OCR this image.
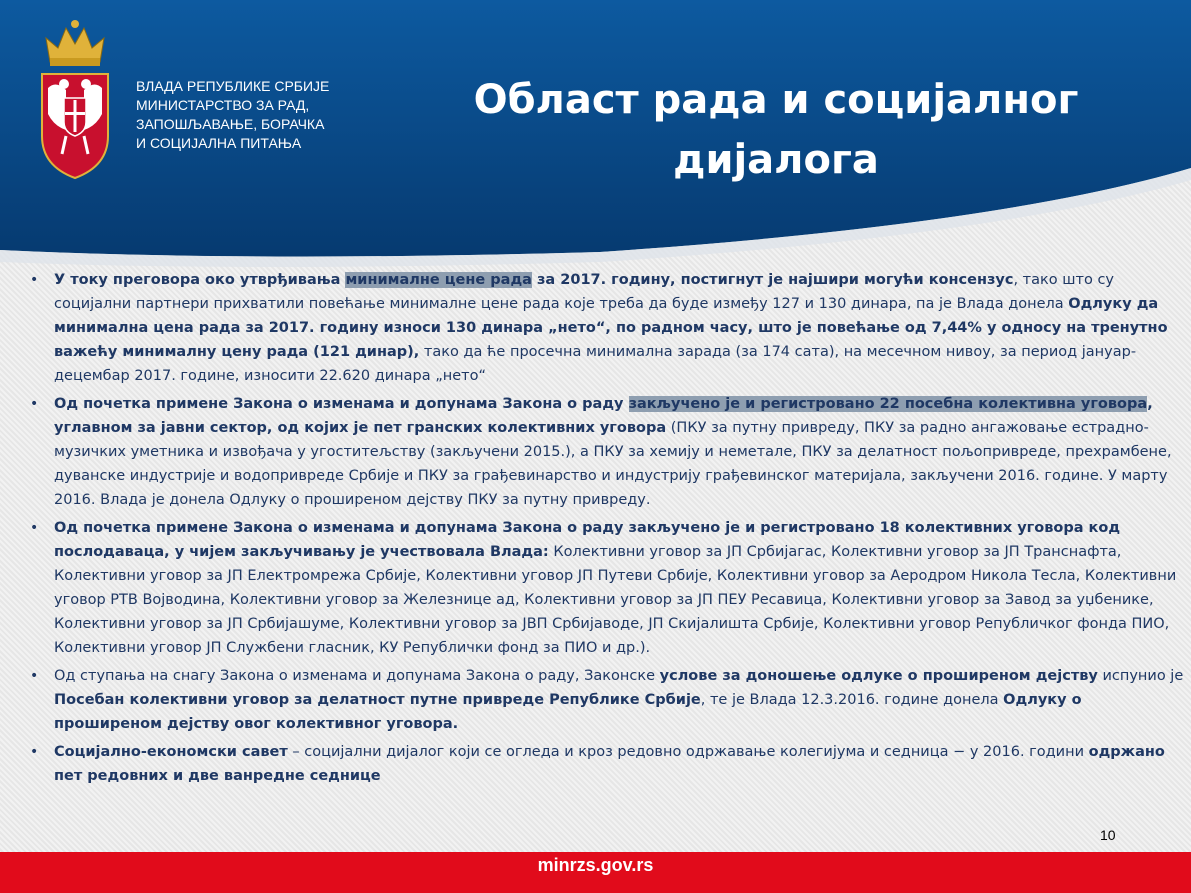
ВЛАДА РЕПУБЛИКЕ СРБИЈЕ
МИНИСТАРСТВО ЗА РАД,
ЗАПОШЉАВАЊЕ, БОРАЧКА
И СОЦИЈАЛНА ПИТАЊА
Област рада и социјалног дијалога
• У току преговора око утврђивања минималне цене рада за 2017. годину, постигнут је најшири могући консензус, тако што су социјални партнери прихватили повећање минималне цене рада које треба да буде између 127 и 130 динара, па је Влада донела Одлуку да минимална цена рада за 2017. годину износи 130 динара „нето“, по радном часу, што је повећање од 7,44% у односу на тренутно важећу минималну цену рада (121 динар), тако да ће просечна минимална зарада (за 174 сата), на месечном нивоу, за период јануар- децембар 2017. године, износити 22.620 динара „нето“
• Од почетка примене Закона о изменама и допунама Закона о раду закључено је и регистровано 22 посебна колективна уговора, углавном за јавни сектор, од којих је пет гранских колективних уговора (ПКУ за путну привреду, ПКУ за радно ангажовање естрадно-музичких уметника и извођача у угоститељству (закључени 2015.), а ПКУ за хемију и неметале, ПКУ за делатност пољопривреде, прехрамбене, дуванске индустрије и водопривреде Србије и ПКУ за грађевинарство и индустрију грађевинског материјала, закључени 2016. године. У марту 2016. Влада је донела Одлуку о проширеном дејству ПКУ за путну привреду.
• Од почетка примене Закона о изменама и допунама Закона о раду закључено је и регистровано 18 колективних уговора код послодаваца, у чијем закључивању је учествовала Влада: Колективни уговор за ЈП Србијагас, Колективни уговор за ЈП Транснафта, Колективни уговор за ЈП Електромрежа Србије, Колективни уговор ЈП Путеви Србије, Колективни уговор за Аеродром Никола Тесла, Колективни уговор РТВ Војводина, Колективни уговор за Железнице ад, Колективни уговор за ЈП ПЕУ Ресавица, Колективни уговор за Завод за уџбенике, Колективни уговор за ЈП Србијашуме, Колективни уговор за ЈВП Србијаводе, ЈП Скијалишта Србије, Колективни уговор Републичког фонда ПИО, Колективни уговор ЈП Службени гласник, КУ Републички фонд за ПИО и др.).
• Од ступања на снагу Закона о изменама и допунама Закона о раду, Законске услове за доношење одлуке о проширеном дејству испунио је Посебан колективни уговор за делатност путне привреде Републике Србије, те је Влада 12.3.2016. године донела Одлуку о проширеном дејству овог колективног уговора.
• Социјално-економски савет – социјални дијалог који се огледа и кроз редовно одржавање колегијума и седница − у 2016. години одржано пет редовних и две ванредне седнице
10
minrzs.gov.rs
